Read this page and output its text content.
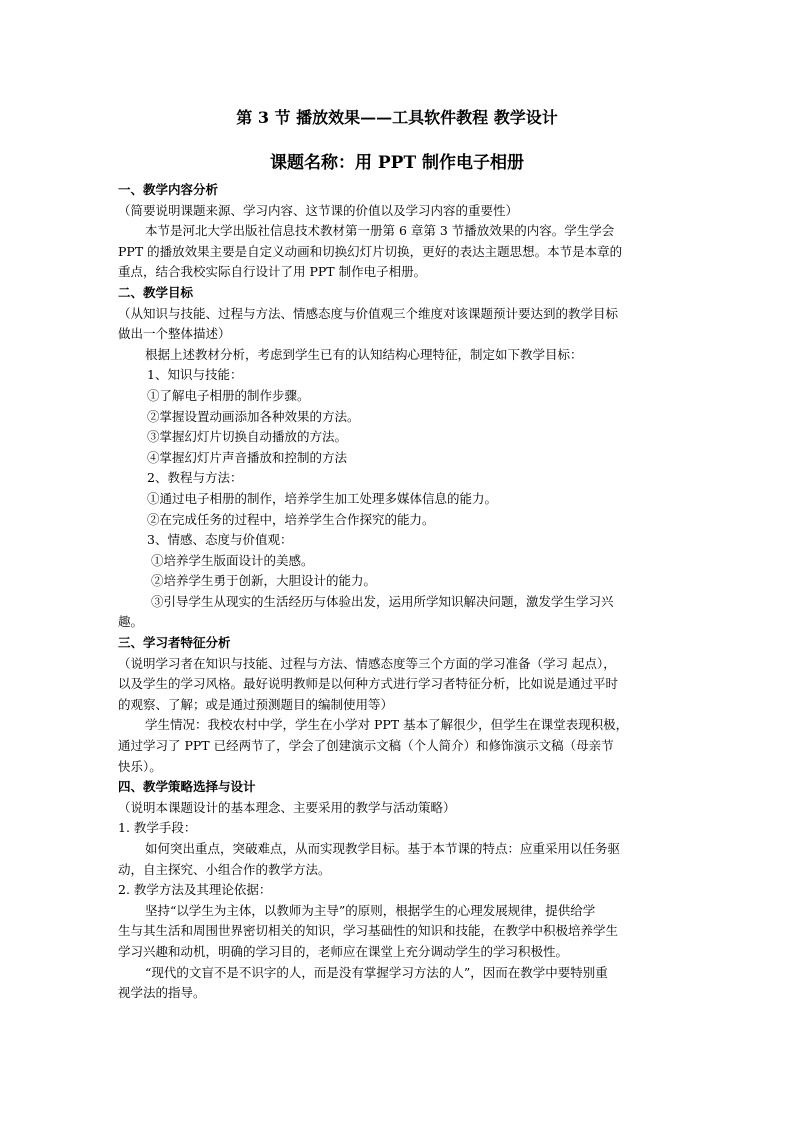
第 3 节 播放效果——工具软件教程 教学设计
课题名称：用 PPT 制作电子相册

一、教学内容分析

（简要说明课题来源、学习内容、这节课的价值以及学习内容的重要性）

本节是河北大学出版社信息技术教材第一册第 6 章第 3 节播放效果的内容。学生学会

PPT 的播放效果主要是自定义动画和切换幻灯片切换，更好的表达主题思想。本节是本章的

重点，结合我校实际自行设计了用 PPT 制作电子相册。

二、教学目标

（从知识与技能、过程与方法、情感态度与价值观三个维度对该课题预计要达到的教学目标

做出一个整体描述）

根据上述教材分析，考虑到学生已有的认知结构心理特征，制定如下教学目标：

1、知识与技能：

①了解电子相册的制作步骤。

②掌握设置动画添加各种效果的方法。

③掌握幻灯片切换自动播放的方法。

④掌握幻灯片声音播放和控制的方法

2、教程与方法：

①通过电子相册的制作，培养学生加工处理多媒体信息的能力。

②在完成任务的过程中，培养学生合作探究的能力。

3、情感、态度与价值观：

①培养学生版面设计的美感。

②培养学生勇于创新，大胆设计的能力。

③引导学生从现实的生活经历与体验出发，运用所学知识解决问题，激发学生学习兴

趣。

三、学习者特征分析

（说明学习者在知识与技能、过程与方法、情感态度等三个方面的学习准备（学习 起点），

以及学生的学习风格。最好说明教师是以何种方式进行学习者特征分析，比如说是通过平时

的观察、了解；或是通过预测题目的编制使用等）

学生情况：我校农村中学，学生在小学对 PPT 基本了解很少，但学生在课堂表现积极，

通过学习了 PPT 已经两节了，学会了创建演示文稿（个人简介）和修饰演示文稿（母亲节

快乐）。

四、教学策略选择与设计

（说明本课题设计的基本理念、主要采用的教学与活动策略）

1. 教学手段：

如何突出重点，突破难点，从而实现教学目标。基于本节课的特点：应重采用以任务驱

动，自主探究、小组合作的教学方法。

2. 教学方法及其理论依据：

坚持“以学生为主体，以教师为主导”的原则，根据学生的心理发展规律，提供给学

生与其生活和周围世界密切相关的知识，学习基础性的知识和技能，在教学中积极培养学生

学习兴趣和动机，明确的学习目的，老师应在课堂上充分调动学生的学习积极性。

“现代的文盲不是不识字的人，而是没有掌握学习方法的人”，因而在教学中要特别重

视学法的指导。
